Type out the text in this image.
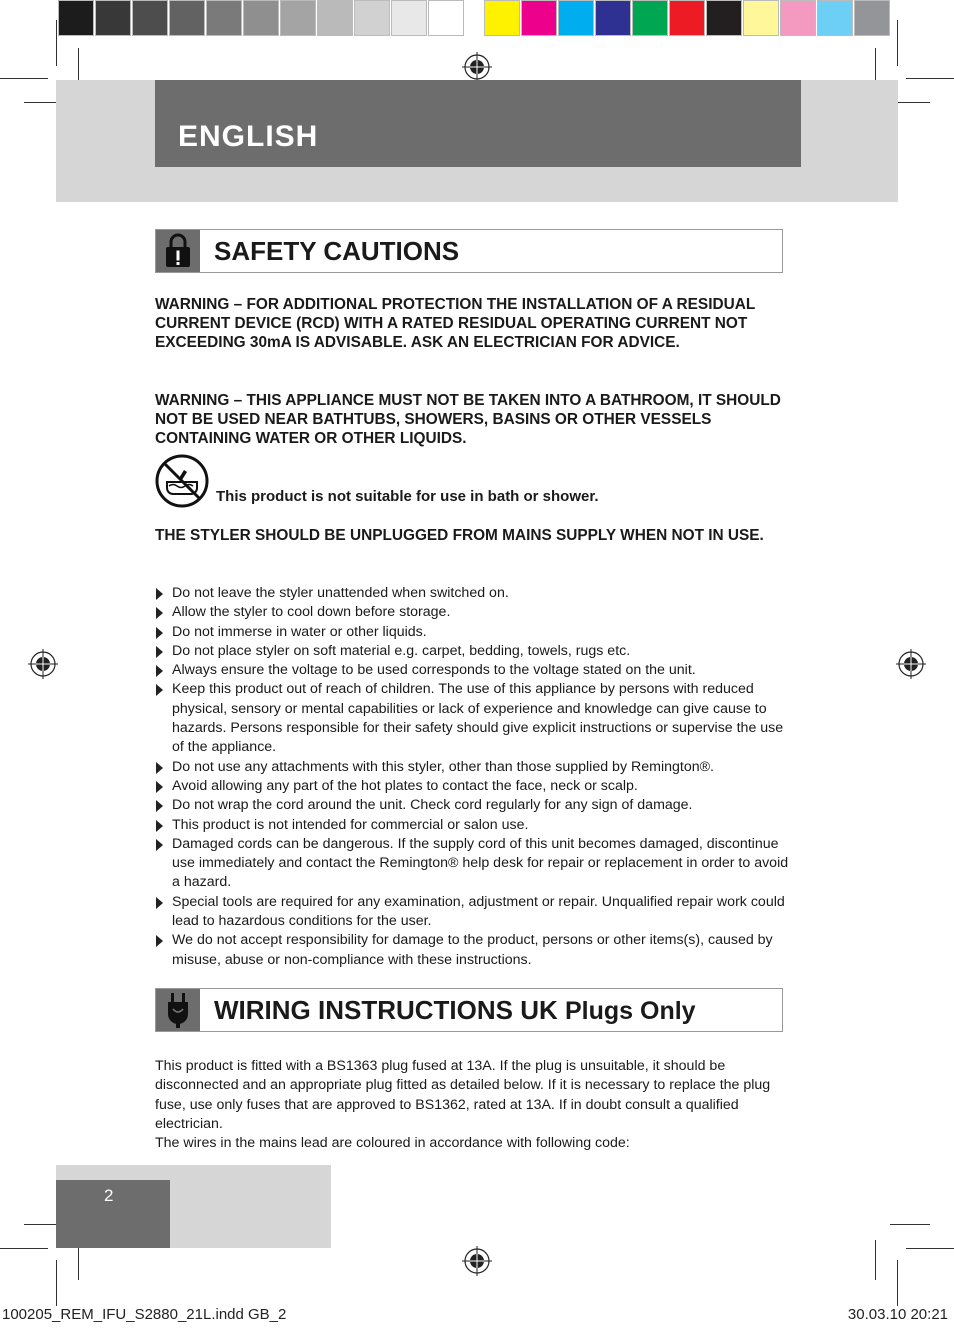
ENGLISH
SAFETY CAUTIONS
WARNING – FOR ADDITIONAL PROTECTION THE INSTALLATION OF A RESIDUAL CURRENT DEVICE (RCD) WITH A RATED RESIDUAL OPERATING CURRENT NOT EXCEEDING 30mA IS ADVISABLE. ASK AN ELECTRICIAN FOR ADVICE.
WARNING – THIS APPLIANCE MUST NOT BE TAKEN INTO A BATHROOM, IT SHOULD NOT BE USED NEAR BATHTUBS, SHOWERS, BASINS OR OTHER VESSELS CONTAINING WATER OR OTHER LIQUIDS.
This product is not suitable for use in bath or shower.
THE STYLER SHOULD BE UNPLUGGED FROM MAINS SUPPLY WHEN NOT IN USE.
Do not leave the styler unattended when switched on.
Allow the styler to cool down before storage.
Do not immerse in water or other liquids.
Do not place styler on soft material e.g. carpet, bedding, towels, rugs etc.
Always ensure the voltage to be used corresponds to the voltage stated on the unit.
Keep this product out of reach of children. The use of this appliance by persons with reduced physical, sensory or mental capabilities or lack of experience and knowledge can give cause to hazards. Persons responsible for their safety should give explicit instructions or supervise the use of the appliance.
Do not use any attachments with this styler, other than those supplied by Remington®.
Avoid allowing any part of the hot plates to contact the face, neck or scalp.
Do not wrap the cord around the unit. Check cord regularly for any sign of damage.
This product is not intended for commercial or salon use.
Damaged cords can be dangerous. If the supply cord of this unit becomes damaged, discontinue use immediately and contact the Remington® help desk for repair or replacement in order to avoid a hazard.
Special tools are required for any examination, adjustment or repair. Unqualified repair work could lead to hazardous conditions for the user.
We do not accept responsibility for damage to the product, persons or other items(s), caused by misuse, abuse or non-compliance with these instructions.
WIRING INSTRUCTIONS UK Plugs Only
This product is fitted with a BS1363 plug fused at 13A. If the plug is unsuitable, it should be disconnected and an appropriate plug fitted as detailed below. If it is necessary to replace the plug fuse, use only fuses that are approved to BS1362, rated at 13A. If in doubt consult a qualified electrician.
The wires in the mains lead are coloured in accordance with following code:
2
100205_REM_IFU_S2880_21L.indd GB_2	30.03.10 20:21
